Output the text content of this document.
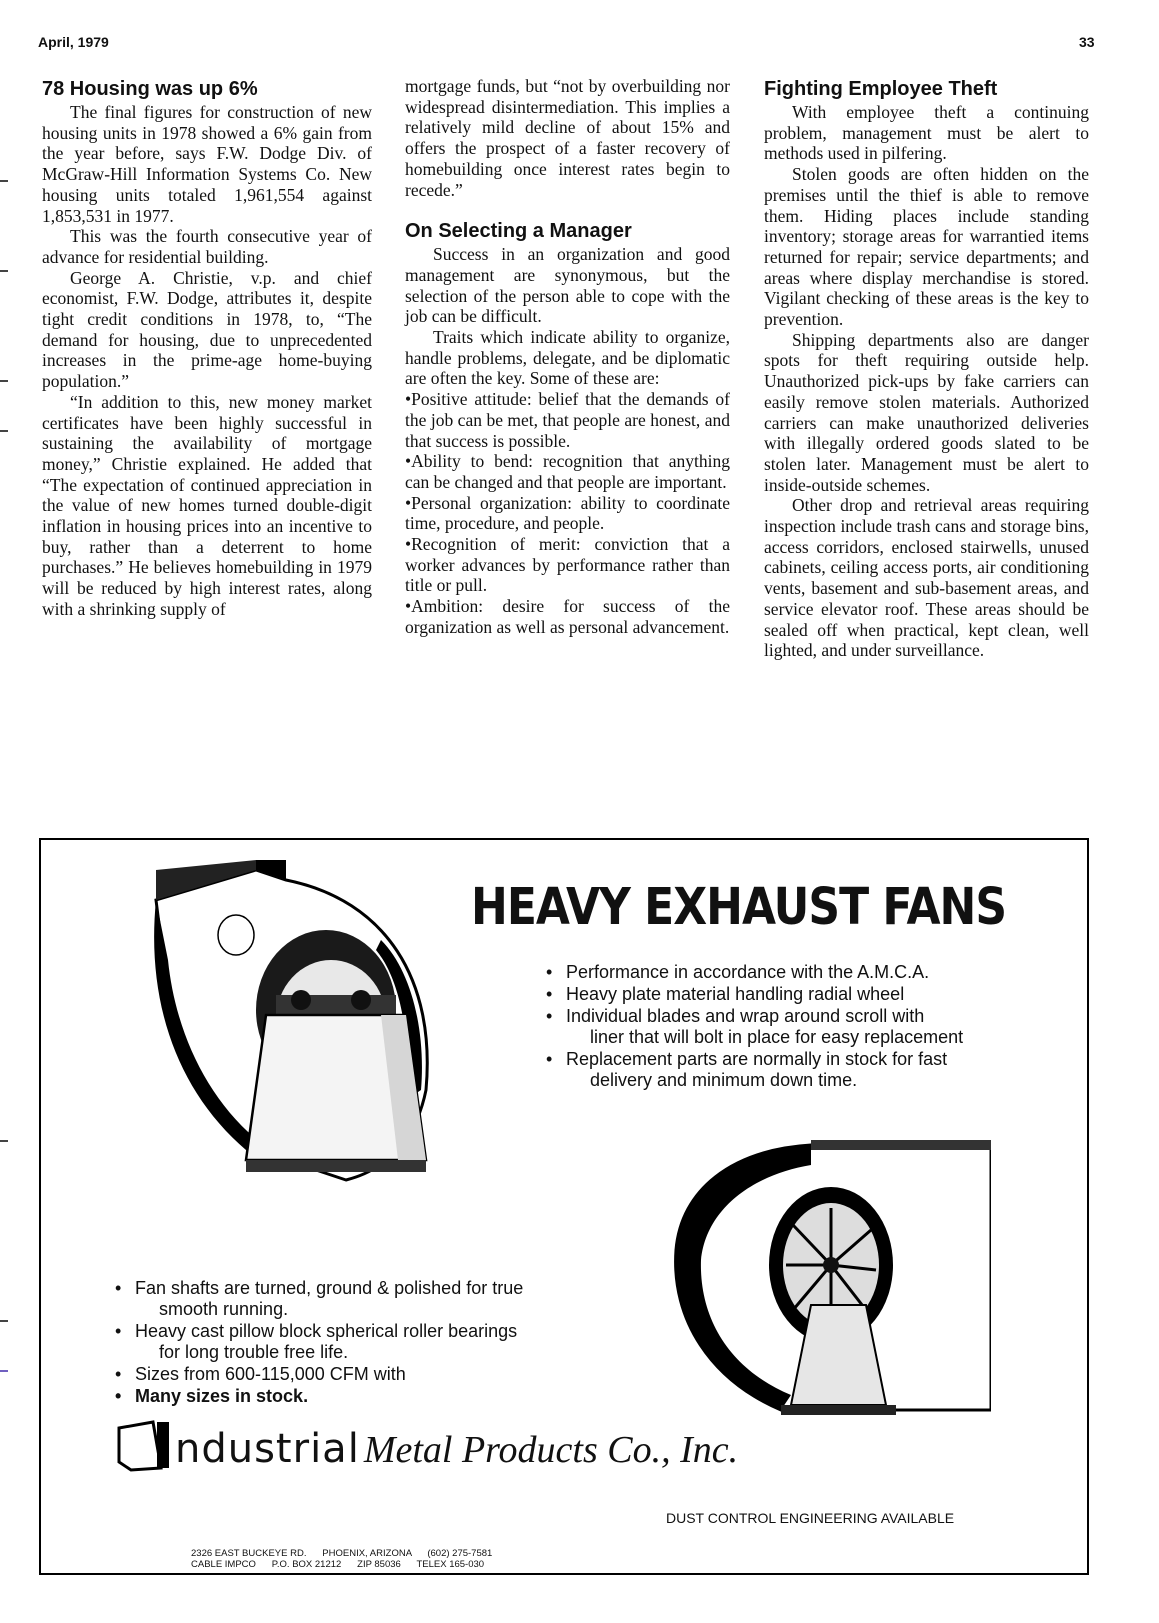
April, 1979	33
78 Housing was up 6%

The final figures for construction of new housing units in 1978 showed a 6% gain from the year before, says F.W. Dodge Div. of McGraw-Hill Information Systems Co. New housing units totaled 1,961,554 against 1,853,531 in 1977.

This was the fourth consecutive year of advance for residential building.

George A. Christie, v.p. and chief economist, F.W. Dodge, attributes it, despite tight credit conditions in 1978, to, “The demand for housing, due to unprecedented increases in the prime-age home-buying population.”

“In addition to this, new money market certificates have been highly successful in sustaining the availability of mortgage money,” Christie explained. He added that “The expectation of continued appreciation in the value of new homes turned double-digit inflation in housing prices into an incentive to buy, rather than a deterrent to home purchases.” He believes homebuilding in 1979 will be reduced by high interest rates, along with a shrinking supply of

mortgage funds, but “not by overbuilding nor widespread disintermediation. This implies a relatively mild decline of about 15% and offers the prospect of a faster recovery of homebuilding once interest rates begin to recede.”

On Selecting a Manager

Success in an organization and good management are synonymous, but the selection of the person able to cope with the job can be difficult.

Traits which indicate ability to organize, handle problems, delegate, and be diplomatic are often the key. Some of these are:

•Positive attitude: belief that the demands of the job can be met, that people are honest, and that success is possible.

•Ability to bend: recognition that anything can be changed and that people are important.

•Personal organization: ability to coordinate time, procedure, and people.

•Recognition of merit: conviction that a worker advances by performance rather than title or pull.

•Ambition: desire for success of the organization as well as personal advancement.

Fighting Employee Theft

With employee theft a continuing problem, management must be alert to methods used in pilfering.

Stolen goods are often hidden on the premises until the thief is able to remove them. Hiding places include standing inventory; storage areas for warrantied items returned for repair; service departments; and areas where display merchandise is stored. Vigilant checking of these areas is the key to prevention.

Shipping departments also are danger spots for theft requiring outside help. Unauthorized pick-ups by fake carriers can easily remove stolen materials. Authorized carriers can make unauthorized deliveries with illegally ordered goods slated to be stolen later. Management must be alert to inside-outside schemes.

Other drop and retrieval areas requiring inspection include trash cans and storage bins, access corridors, enclosed stairwells, unused cabinets, ceiling access ports, air conditioning vents, basement and sub-basement areas, and service elevator roof. These areas should be sealed off when practical, kept clean, well lighted, and under surveillance.

HEAVY EXHAUST FANS
• Performance in accordance with the A.M.C.A.
• Heavy plate material handling radial wheel
• Individual blades and wrap around scroll with
liner that will bolt in place for easy replacement
• Replacement parts are normally in stock for fast
delivery and minimum down time.
• Fan shafts are turned, ground & polished for true
smooth running.
• Heavy cast pillow block spherical roller bearings
for long trouble free life.
• Sizes from 600-115,000 CFM with
• Many sizes in stock.
ndustrial Metal Products Co., Inc.
2326 EAST BUCKEYE RD.      PHOENIX, ARIZONA      (602) 275-7581
CABLE IMPCO      P.O. BOX 21212      ZIP 85036      TELEX 165-030
DUST CONTROL ENGINEERING AVAILABLE
